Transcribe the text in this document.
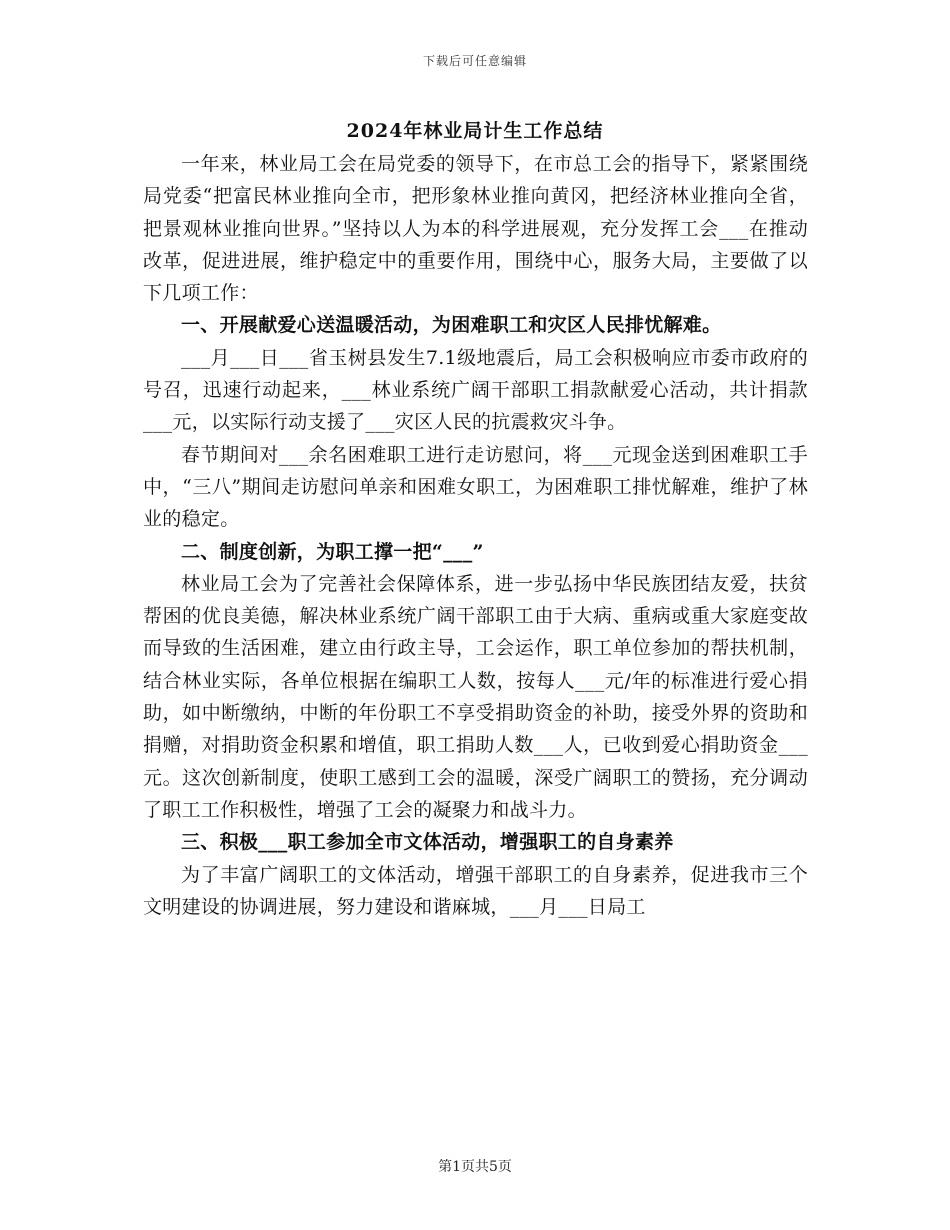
下载后可任意编辑
2024年林业局计生工作总结

一年来，林业局工会在局党委的领导下，在市总工会的指导下，紧紧围绕局党委“把富民林业推向全市，把形象林业推向黄冈，把经济林业推向全省，把景观林业推向世界。”坚持以人为本的科学进展观，充分发挥工会___在推动改革，促进进展，维护稳定中的重要作用，围绕中心，服务大局，主要做了以下几项工作：

一、开展献爱心送温暖活动，为困难职工和灾区人民排忧解难。

___月___日___省玉树县发生7.1级地震后，局工会积极响应市委市政府的号召，迅速行动起来，___林业系统广阔干部职工捐款献爱心活动，共计捐款___元，以实际行动支援了___灾区人民的抗震救灾斗争。

春节期间对___余名困难职工进行走访慰问，将___元现金送到困难职工手中，“三八”期间走访慰问单亲和困难女职工，为困难职工排忧解难，维护了林业的稳定。

二、制度创新，为职工撑一把“___”

林业局工会为了完善社会保障体系，进一步弘扬中华民族团结友爱，扶贫帮困的优良美德，解决林业系统广阔干部职工由于大病、重病或重大家庭变故而导致的生活困难，建立由行政主导，工会运作，职工单位参加的帮扶机制，结合林业实际，各单位根据在编职工人数，按每人___元/年的标准进行爱心捐助，如中断缴纳，中断的年份职工不享受捐助资金的补助，接受外界的资助和捐赠，对捐助资金积累和增值，职工捐助人数___人，已收到爱心捐助资金___元。这次创新制度，使职工感到工会的温暖，深受广阔职工的赞扬，充分调动了职工工作积极性，增强了工会的凝聚力和战斗力。

三、积极___职工参加全市文体活动，增强职工的自身素养

为了丰富广阔职工的文体活动，增强干部职工的自身素养，促进我市三个文明建设的协调进展，努力建设和谐麻城，___月___日局工

第1页共5页
